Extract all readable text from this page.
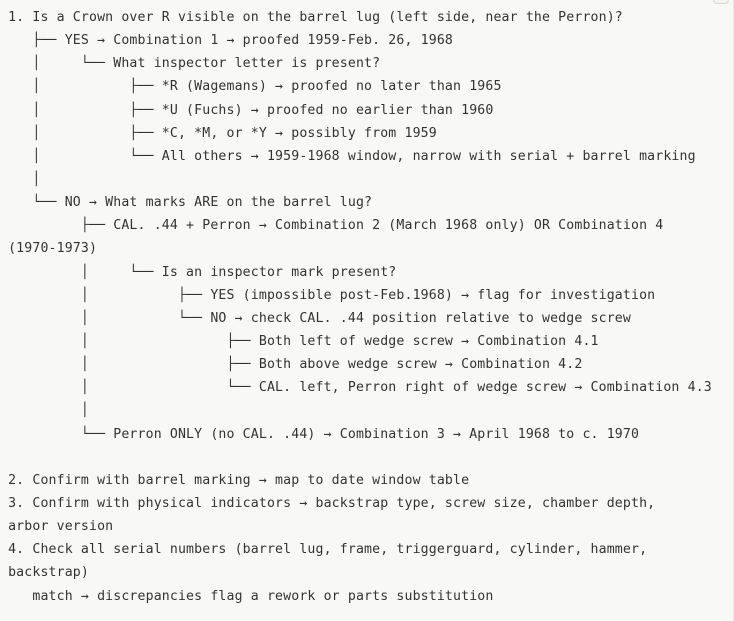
1. Is a Crown over R visible on the barrel lug (left side, near the Perron)?
├── YES → Combination 1 → proofed 1959-Feb. 26, 1968
│     └── What inspector letter is present?
│           ├── *R (Wagemans) → proofed no later than 1965
│           ├── *U (Fuchs) → proofed no earlier than 1960
│           ├── *C, *M, or *Y → possibly from 1959
│           └── All others → 1959-1968 window, narrow with serial + barrel marking
│
└── NO → What marks ARE on the barrel lug?
├── CAL. .44 + Perron → Combination 2 (March 1968 only) OR Combination 4
(1970-1973)
│     └── Is an inspector mark present?
│           ├── YES (impossible post-Feb.1968) → flag for investigation
│           └── NO → check CAL. .44 position relative to wedge screw
│                 ├── Both left of wedge screw → Combination 4.1
│                 ├── Both above wedge screw → Combination 4.2
│                 └── CAL. left, Perron right of wedge screw → Combination 4.3
│
└── Perron ONLY (no CAL. .44) → Combination 3 → April 1968 to c. 1970
2. Confirm with barrel marking → map to date window table
3. Confirm with physical indicators → backstrap type, screw size, chamber depth,
arbor version
4. Check all serial numbers (barrel lug, frame, triggerguard, cylinder, hammer,
backstrap)
match → discrepancies flag a rework or parts substitution
